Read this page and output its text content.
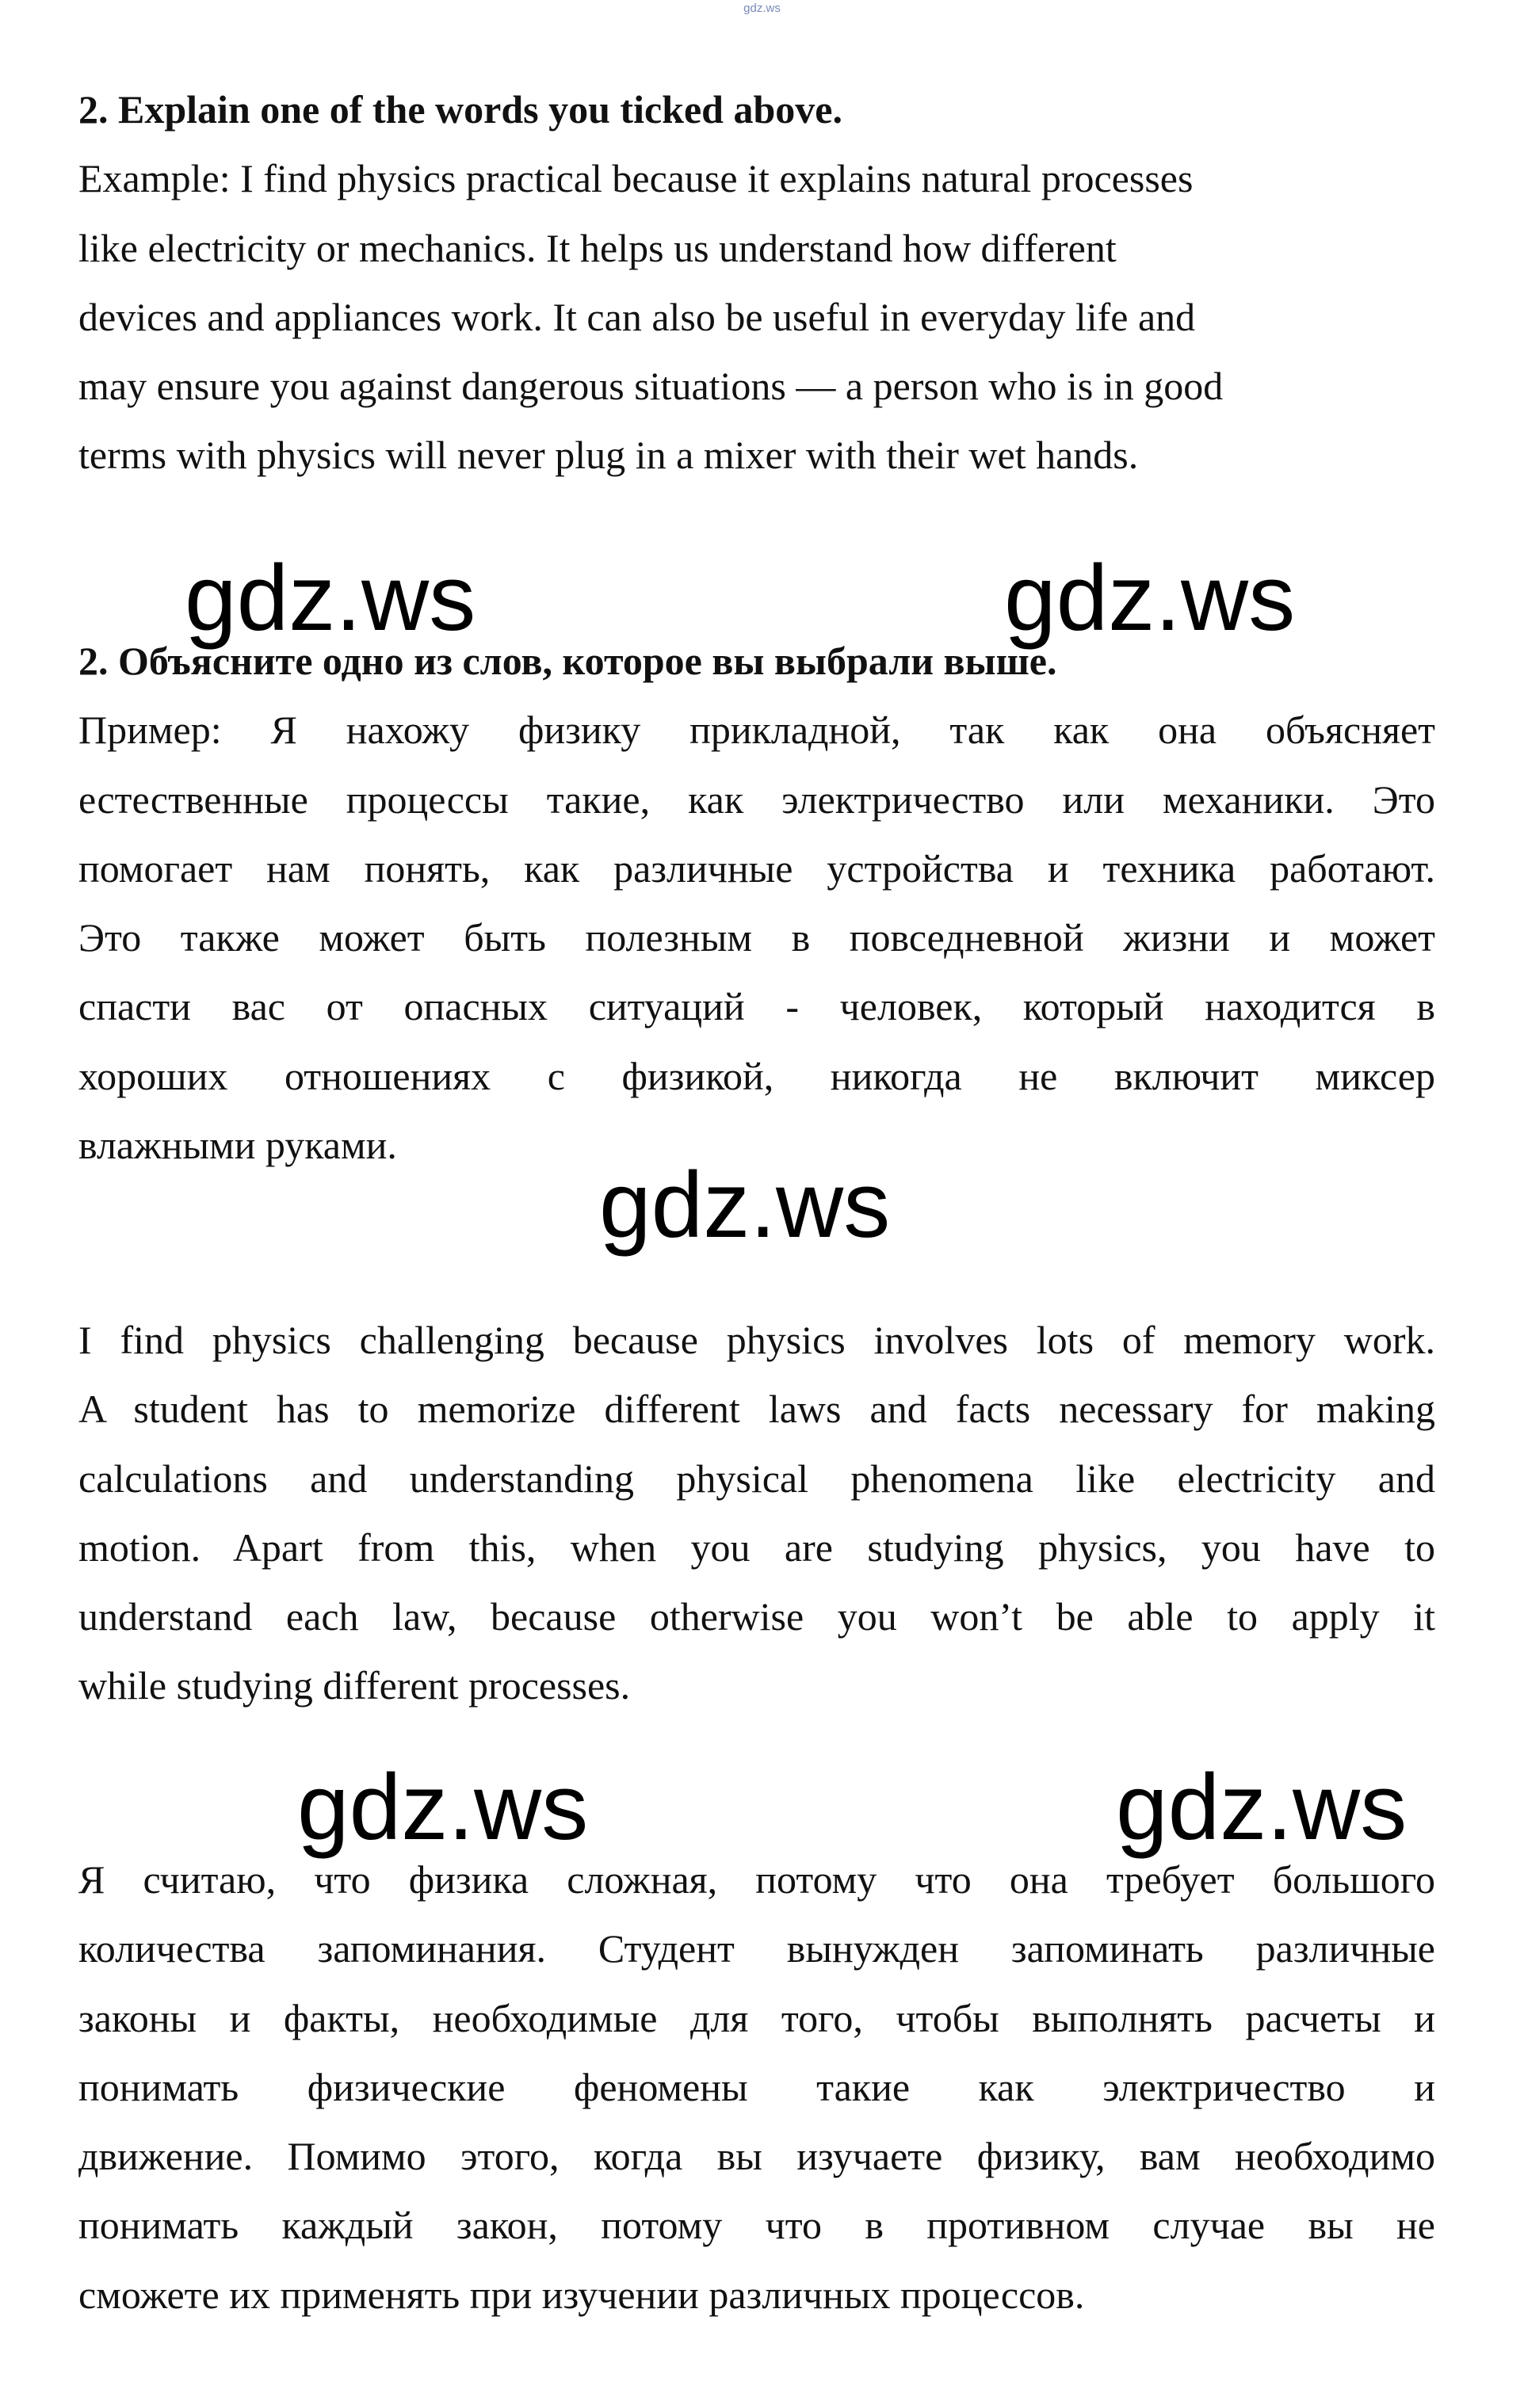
gdz.ws
2. Explain one of the words you ticked above.
Example: I find physics practical because it explains natural processes
like electricity or mechanics. It helps us understand how different
devices and appliances work. It can also be useful in everyday life and
may ensure you against dangerous situations — a person who is in good
terms with physics will never plug in a mixer with their wet hands.
gdz.ws	gdz.ws
2. Объясните одно из слов, которое вы выбрали выше.
Пример: Я нахожу физику прикладной, так как она объясняет
естественные процессы такие, как электричество или механики. Это
помогает нам понять, как различные устройства и техника работают.
Это также может быть полезным в повседневной жизни и может
спасти вас от опасных ситуаций - человек, который находится в
хороших отношениях с физикой, никогда не включит миксер
влажными руками.
gdz.ws
I find physics challenging because physics involves lots of memory work.
A student has to memorize different laws and facts necessary for making
calculations and understanding physical phenomena like electricity and
motion. Apart from this, when you are studying physics, you have to
understand each law, because otherwise you won’t be able to apply it
while studying different processes.
gdz.ws	gdz.ws
Я считаю, что физика сложная, потому что она требует большого
количества запоминания. Студент вынужден запоминать различные
законы и факты, необходимые для того, чтобы выполнять расчеты и
понимать физические феномены такие как электричество и
движение. Помимо этого, когда вы изучаете физику, вам необходимо
понимать каждый закон, потому что в противном случае вы не
сможете их применять при изучении различных процессов.
